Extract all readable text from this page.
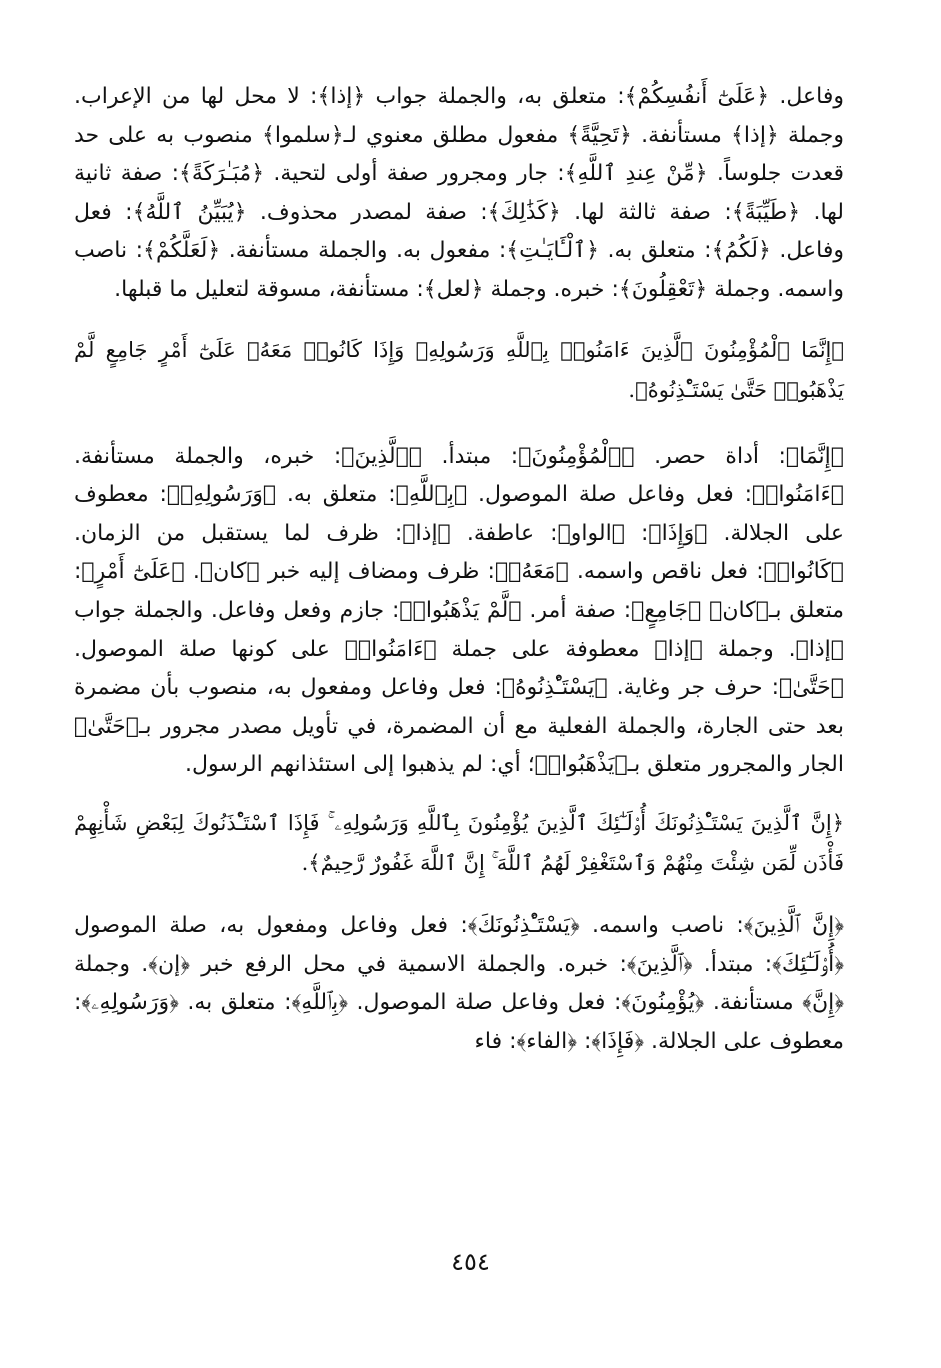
وفاعل. ﴿عَلَىٰٓ أَنفُسِكُمْ﴾: متعلق به، والجملة جواب ﴿إذا﴾: لا محل لها من الإعراب. وجملة ﴿إذا﴾ مستأنفة. ﴿تَحِيَّةً﴾ مفعول مطلق معنوي لـ﴿سلموا﴾ منصوب به على حد قعدت جلوساً. ﴿مِّنْ عِندِ ٱللَّهِ﴾: جار ومجرور صفة أولى لتحية. ﴿مُبَـٰرَكَةً﴾: صفة ثانية لها. ﴿طَيِّبَةً﴾: صفة ثالثة لها. ﴿كَذَٰلِكَ﴾: صفة لمصدر محذوف. ﴿يُبَيِّنُ ٱللَّهُ﴾: فعل وفاعل. ﴿لَكُمُ﴾: متعلق به. ﴿ٱلْـَٔايَـٰتِ﴾: مفعول به. والجملة مستأنفة. ﴿لَعَلَّكُمْ﴾: ناصب واسمه. وجملة ﴿تَعْقِلُونَ﴾: خبره. وجملة ﴿لعل﴾: مستأنفة، مسوقة لتعليل ما قبلها.

﴿إِنَّمَا ٱلْمُؤْمِنُونَ ٱلَّذِينَ ءَامَنُوا۟ بِٱللَّهِ وَرَسُولِهِۦ وَإِذَا كَانُوا۟ مَعَهُۥ عَلَىٰٓ أَمْرٍ جَامِعٍ لَّمْ يَذْهَبُوا۟ حَتَّىٰ يَسْتَـْٔذِنُوهُ﴾.

﴿إِنَّمَا﴾: أداة حصر. ﴿ٱلْمُؤْمِنُونَ﴾: مبتدأ. ﴿ٱلَّذِينَ﴾: خبره، والجملة مستأنفة. ﴿ءَامَنُوا۟﴾: فعل وفاعل صلة الموصول. ﴿بِٱللَّهِ﴾: متعلق به. ﴿وَرَسُولِهِۦ﴾: معطوف على الجلالة. ﴿وَإِذَا﴾: ﴿الواو﴾: عاطفة. ﴿إذا﴾: ظرف لما يستقبل من الزمان. ﴿كَانُوا۟﴾: فعل ناقص واسمه. ﴿مَعَهُۥ﴾: ظرف ومضاف إليه خبر ﴿كان﴾. ﴿عَلَىٰٓ أَمْرٍ﴾: متعلق بـ﴿كان﴾ ﴿جَامِعٍ﴾: صفة أمر. ﴿لَّمْ يَذْهَبُوا۟﴾: جازم وفعل وفاعل. والجملة جواب ﴿إذا﴾. وجملة ﴿إذا﴾ معطوفة على جملة ﴿ءَامَنُوا۟﴾ على كونها صلة الموصول. ﴿حَتَّىٰ﴾: حرف جر وغاية. ﴿يَسْتَـْٔذِنُوهُ﴾: فعل وفاعل ومفعول به، منصوب بأن مضمرة بعد حتى الجارة، والجملة الفعلية مع أن المضمرة، في تأويل مصدر مجرور بـ﴿حَتَّىٰ﴾ الجار والمجرور متعلق بـ﴿يَذْهَبُوا۟﴾؛ أي: لم يذهبوا إلى استئذانهم الرسول.

﴿إِنَّ ٱلَّذِينَ يَسْتَـْٔذِنُونَكَ أُو۟لَـٰٓئِكَ ٱلَّذِينَ يُؤْمِنُونَ بِٱللَّهِ وَرَسُولِهِۦ ۚ فَإِذَا ٱسْتَـْٔذَنُوكَ لِبَعْضِ شَأْنِهِمْ فَأْذَن لِّمَن شِئْتَ مِنْهُمْ وَٱسْتَغْفِرْ لَهُمُ ٱللَّهَ ۚ إِنَّ ٱللَّهَ غَفُورٌ رَّحِيمٌ﴾.

﴿إِنَّ ٱلَّذِينَ﴾: ناصب واسمه. ﴿يَسْتَـْٔذِنُونَكَ﴾: فعل وفاعل ومفعول به، صلة الموصول ﴿أُو۟لَـٰٓئِكَ﴾: مبتدأ. ﴿ٱلَّذِينَ﴾: خبره. والجملة الاسمية في محل الرفع خبر ﴿إن﴾. وجملة ﴿إِنَّ﴾ مستأنفة. ﴿يُؤْمِنُونَ﴾: فعل وفاعل صلة الموصول. ﴿بِٱللَّهِ﴾: متعلق به. ﴿وَرَسُولِهِۦ﴾: معطوف على الجلالة. ﴿فَإِذَا﴾: ﴿الفاء﴾: فاء

٤٥٤
